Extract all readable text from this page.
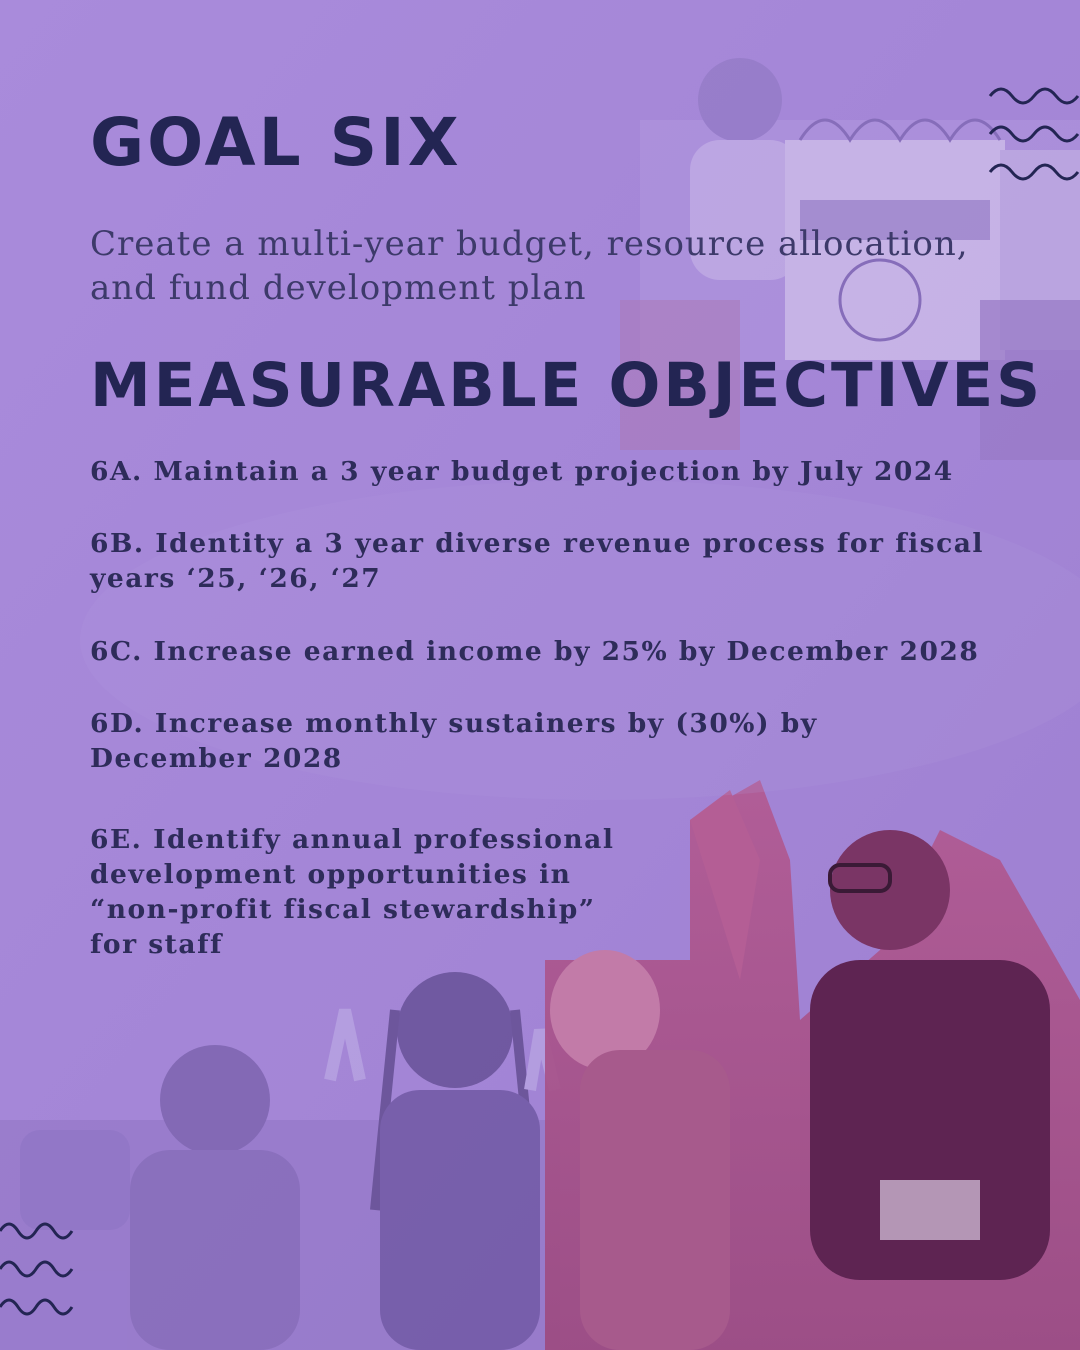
GOAL SIX

Create a multi-year budget, resource allocation, and fund development plan

MEASURABLE OBJECTIVES

6A. Maintain a 3 year budget projection by July 2024

6B. Identity a 3 year diverse revenue process for fiscal years ‘25, ‘26, ‘27

6C. Increase earned income by 25% by December 2028

6D. Increase monthly sustainers by (30%) by December 2028

6E. Identify annual professional development opportunities in “non-profit fiscal stewardship” for staff
